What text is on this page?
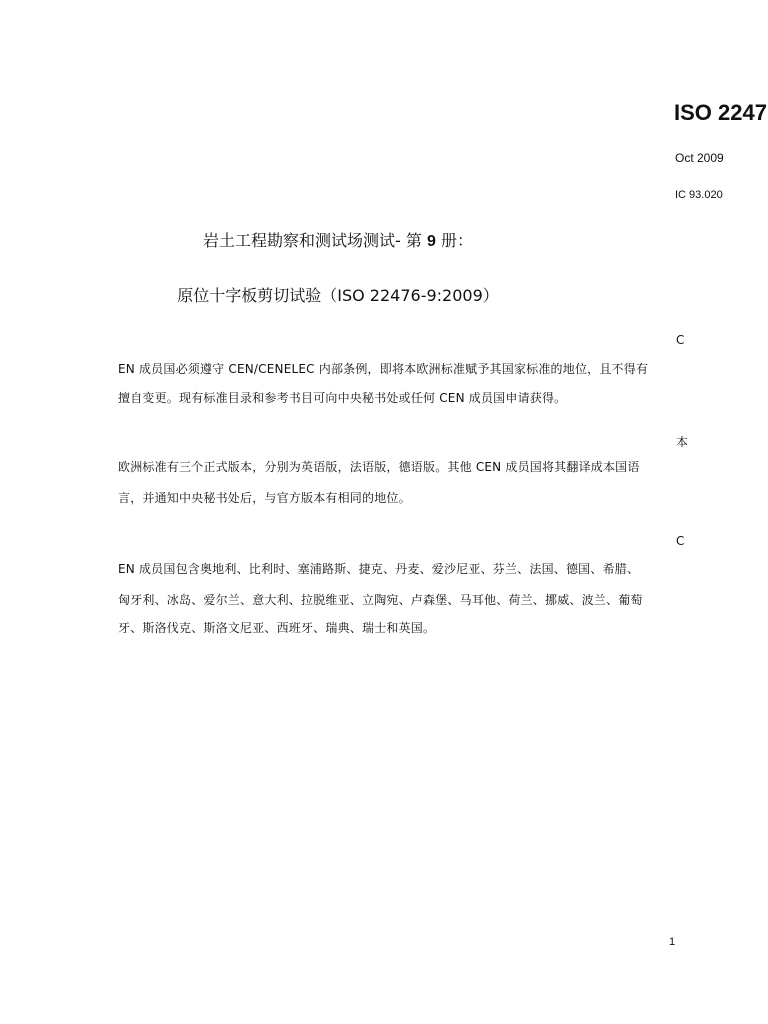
ISO 2247
Oct 2009
IC 93.020
岩土工程勘察和测试场测试- 第 9 册：
原位十字板剪切试验（ISO 22476-9:2009）
C
EN 成员国必须遵守 CEN/CENELEC 内部条例，即将本欧洲标准赋予其国家标准的地位，且不得有
擅自变更。现有标准目录和参考书目可向中央秘书处或任何 CEN 成员国申请获得。
本
欧洲标准有三个正式版本，分别为英语版，法语版，德语版。其他 CEN 成员国将其翻译成本国语
言，并通知中央秘书处后，与官方版本有相同的地位。
C
EN 成员国包含奥地利、比利时、塞浦路斯、捷克、丹麦、爱沙尼亚、芬兰、法国、德国、希腊、
匈牙利、冰岛、爱尔兰、意大利、拉脱维亚、立陶宛、卢森堡、马耳他、荷兰、挪威、波兰、葡萄
牙、斯洛伐克、斯洛文尼亚、西班牙、瑞典、瑞士和英国。
1
